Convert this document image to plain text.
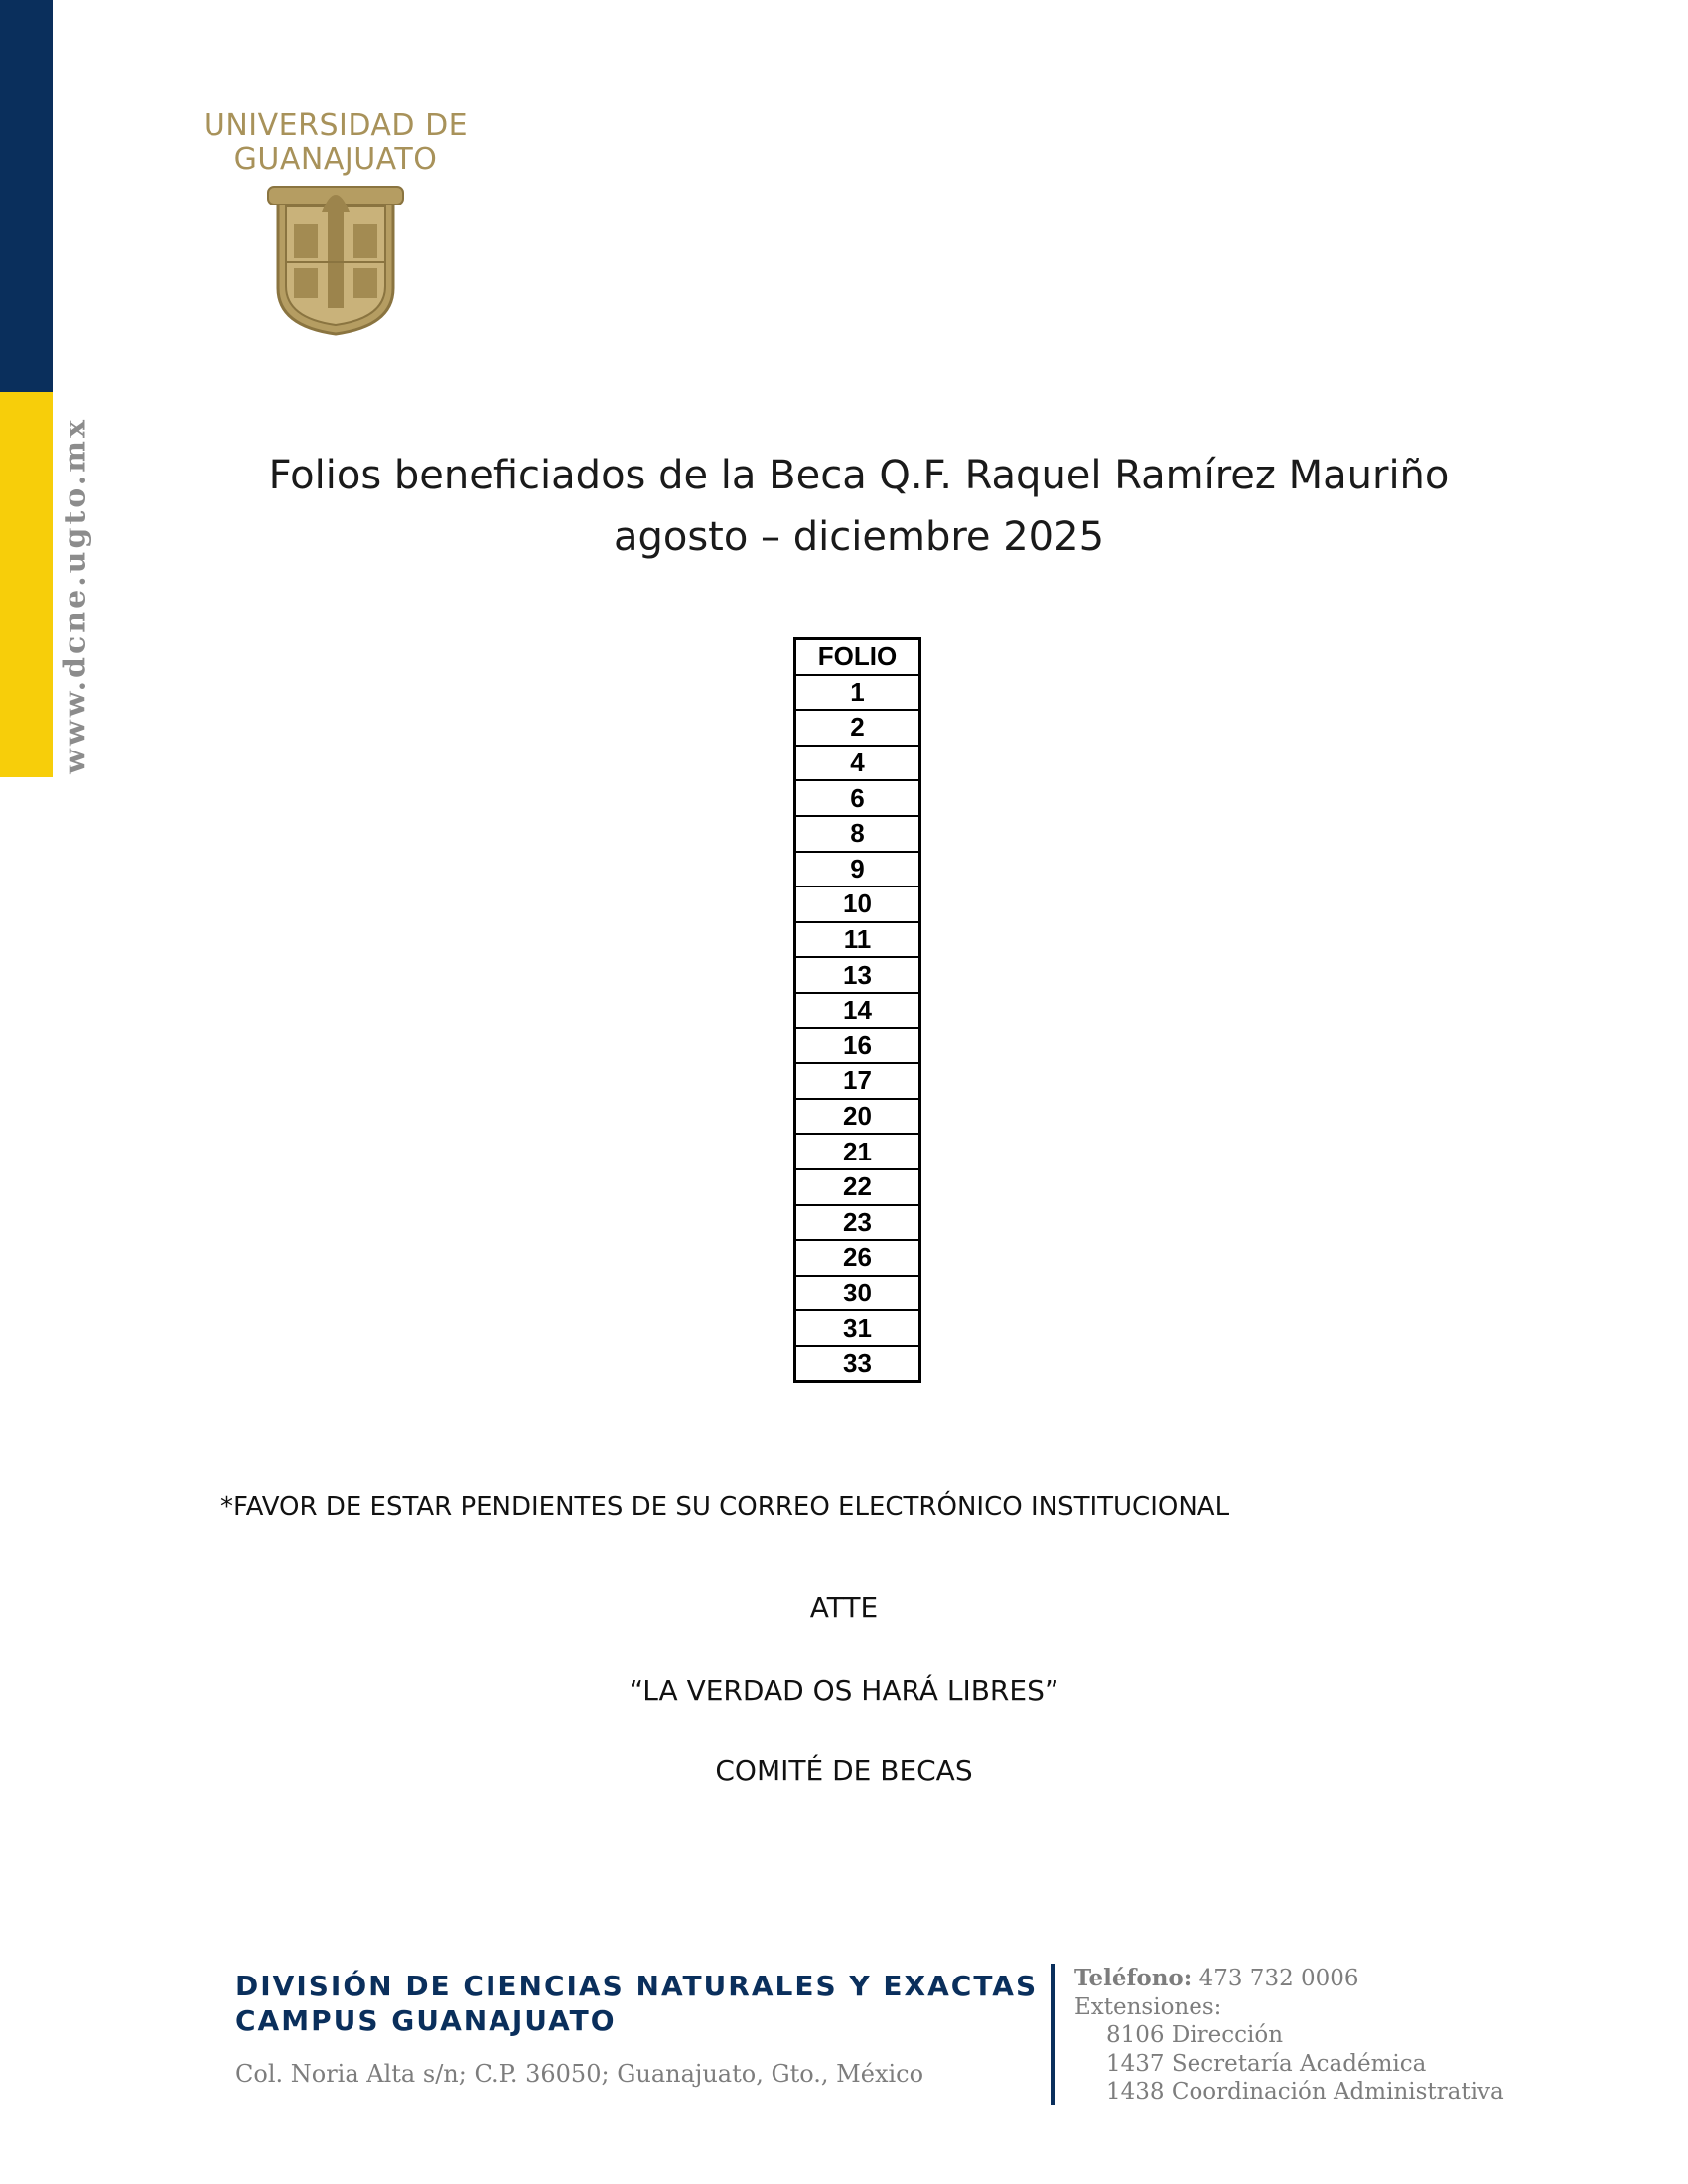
www.dcne.ugto.mx
UNIVERSIDAD DE
GUANAJUATO
Folios beneficiados de la Beca Q.F. Raquel Ramírez Mauriño
agosto – diciembre 2025
FOLIO
1
2
4
6
8
9
10
11
13
14
16
17
20
21
22
23
26
30
31
33
*FAVOR DE ESTAR PENDIENTES DE SU CORREO ELECTRÓNICO INSTITUCIONAL
ATTE
“LA VERDAD OS HARÁ LIBRES”
COMITÉ DE BECAS
DIVISIÓN DE CIENCIAS NATURALES Y EXACTAS
CAMPUS GUANAJUATO
Col. Noria Alta s/n; C.P. 36050; Guanajuato, Gto., México
Teléfono: 473 732 0006
Extensiones:
8106 Dirección
1437 Secretaría Académica
1438 Coordinación Administrativa
